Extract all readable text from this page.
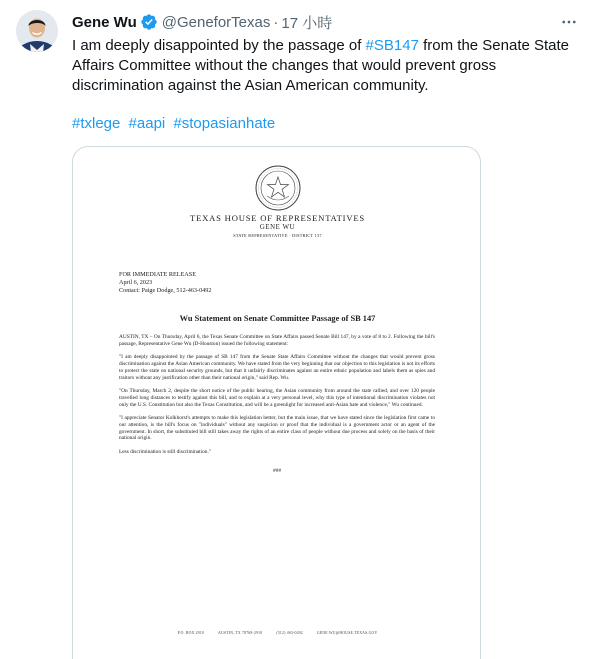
Gene Wu @GeneforTexas · 17 小時

I am deeply disappointed by the passage of #SB147 from the Senate State Affairs Committee without the changes that would prevent gross discrimination against the Asian American community.

#txlege #aapi #stopasianhate
TEXAS HOUSE OF REPRESENTATIVES
GENE WU
STATE REPRESENTATIVE · DISTRICT 137
FOR IMMEDIATE RELEASE
April 6, 2023
Contact: Paige Dodge, 512-463-0492
Wu Statement on Senate Committee Passage of SB 147

AUSTIN, TX – On Thursday, April 6, the Texas Senate Committee on State Affairs passed Senate Bill 147, by a vote of 8 to 2. Following the bill's passage, Representative Gene Wu (D-Houston) issued the following statement:

"I am deeply disappointed by the passage of SB 147 from the Senate State Affairs Committee without the changes that would prevent gross discrimination against the Asian American community. We have stated from the very beginning that our objection to this legislation is not its efforts to protect the state on national security grounds, but that it unfairly discriminates against an entire ethnic population and labels them as spies and traitors without any justification other than their national origin," said Rep. Wu.

"On Thursday, March 2, despite the short notice of the public hearing, the Asian community from around the state rallied, and over 120 people travelled long distances to testify against this bill, and to explain at a very personal level, why this type of intentional discrimination violates not only the U.S. Constitution but also the Texas Constitution, and will be a greenlight for increased anti-Asian hate and violence," Wu continued.

"I appreciate Senator Kolkhorst's attempts to make this legislation better, but the main issue, that we have stated since the legislation first came to our attention, is the bill's focus on "individuals" without any suspicion or proof that the individual is a government actor or an agent of the government. In short, the substituted bill still takes away the rights of an entire class of people without due process and solely on the basis of their national origin.

Less discrimination is still discrimination."

###
P.O. BOX 2910	AUSTIN, TX 78768-2910	(512) 463-0492	GENE.WU@HOUSE.TEXAS.GOV
